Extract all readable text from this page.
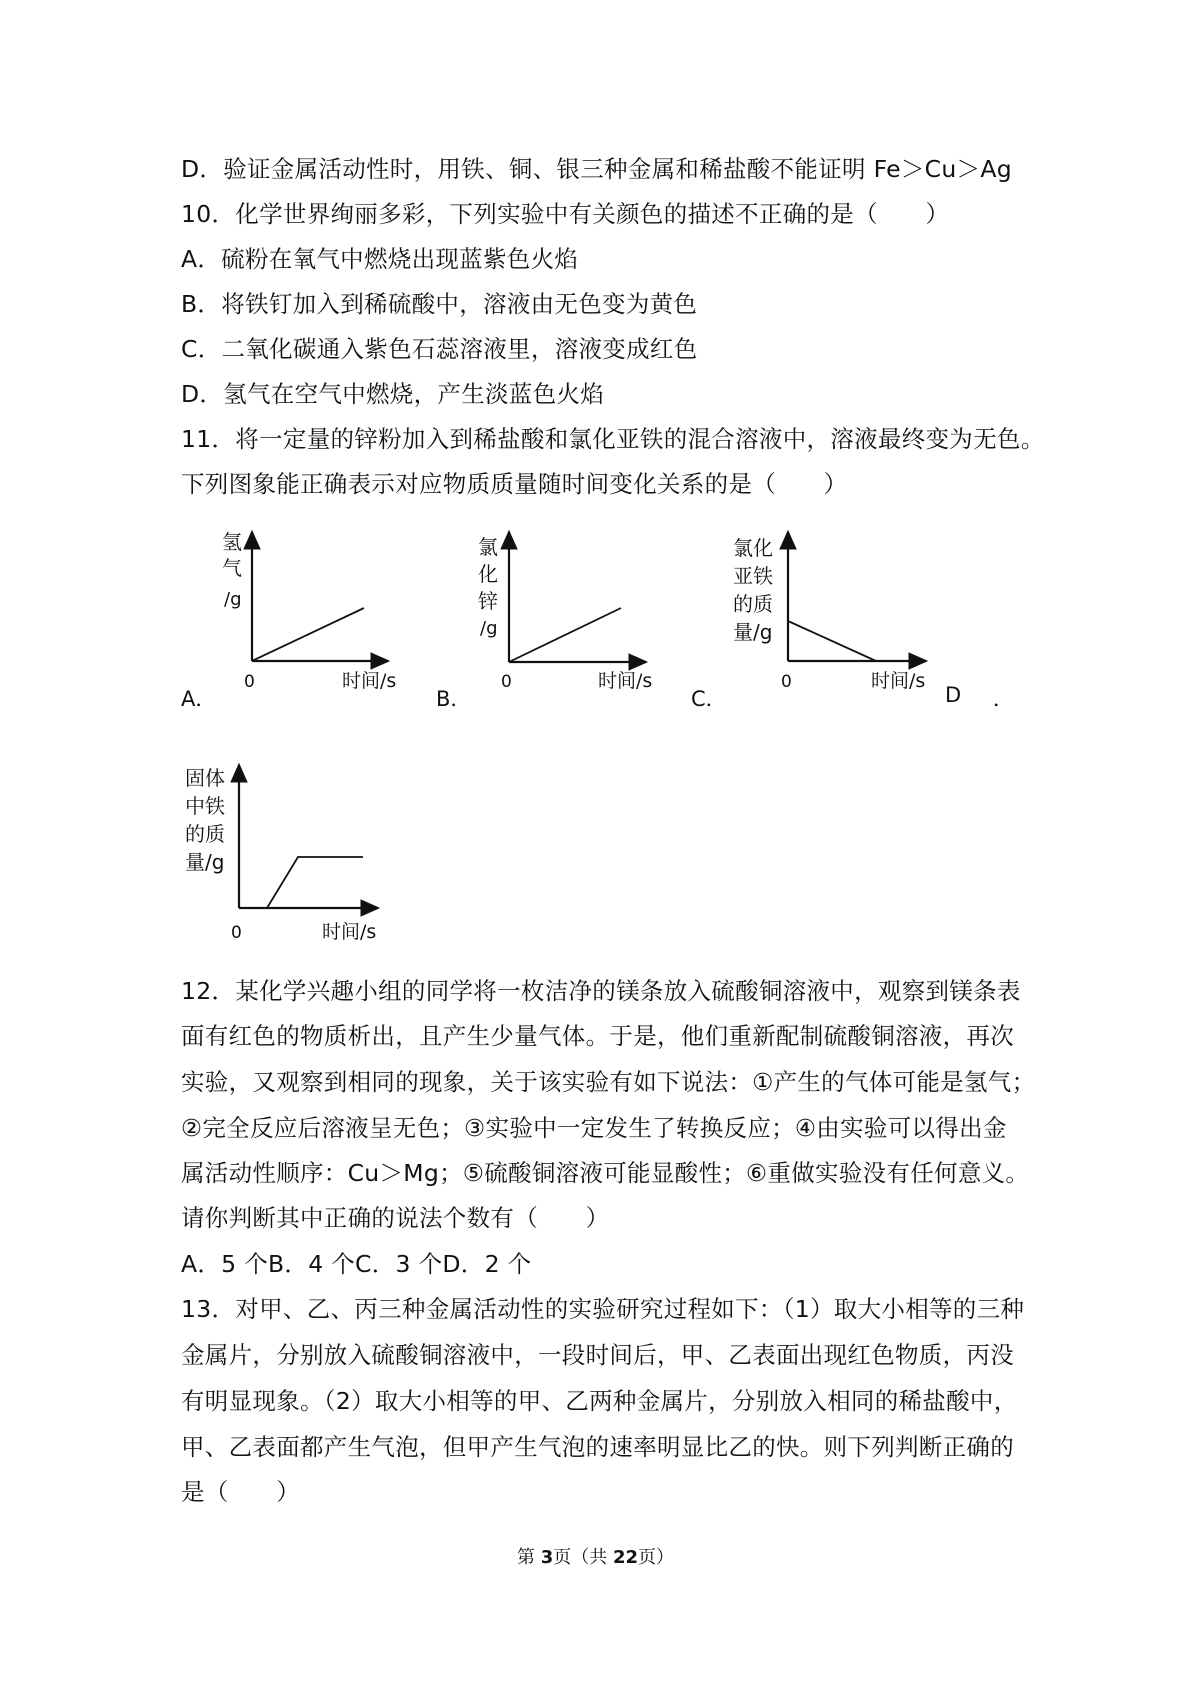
D．验证金属活动性时，用铁、铜、银三种金属和稀盐酸不能证明 Fe＞Cu＞Ag
10．化学世界绚丽多彩，下列实验中有关颜色的描述不正确的是（　　）
A．硫粉在氧气中燃烧出现蓝紫色火焰
B．将铁钉加入到稀硫酸中，溶液由无色变为黄色
C．二氧化碳通入紫色石蕊溶液里，溶液变成红色
D．氢气在空气中燃烧，产生淡蓝色火焰
11．将一定量的锌粉加入到稀盐酸和氯化亚铁的混合溶液中，溶液最终变为无色。
下列图象能正确表示对应物质质量随时间变化关系的是（　　）
A．
氢
气
/g
0	时间/s
B．
氯
化
锌
/g
0	时间/s
C．
氯化
亚铁
的质
量/g
0	时间/s
D ．
固体
中铁
的质
量/g
0	时间/s
12．某化学兴趣小组的同学将一枚洁净的镁条放入硫酸铜溶液中，观察到镁条表
面有红色的物质析出，且产生少量气体。于是，他们重新配制硫酸铜溶液，再次
实验，又观察到相同的现象，关于该实验有如下说法：①产生的气体可能是氢气；
②完全反应后溶液呈无色；③实验中一定发生了转换反应；④由实验可以得出金
属活动性顺序：Cu＞Mg；⑤硫酸铜溶液可能显酸性；⑥重做实验没有任何意义。
请你判断其中正确的说法个数有（　　）
A．5 个B．4 个C．3 个D．2 个
13．对甲、乙、丙三种金属活动性的实验研究过程如下：（1）取大小相等的三种
金属片，分别放入硫酸铜溶液中，一段时间后，甲、乙表面出现红色物质，丙没
有明显现象。（2）取大小相等的甲、乙两种金属片，分别放入相同的稀盐酸中，
甲、乙表面都产生气泡，但甲产生气泡的速率明显比乙的快。则下列判断正确的
是（　　）
第 3页（共 22页）
